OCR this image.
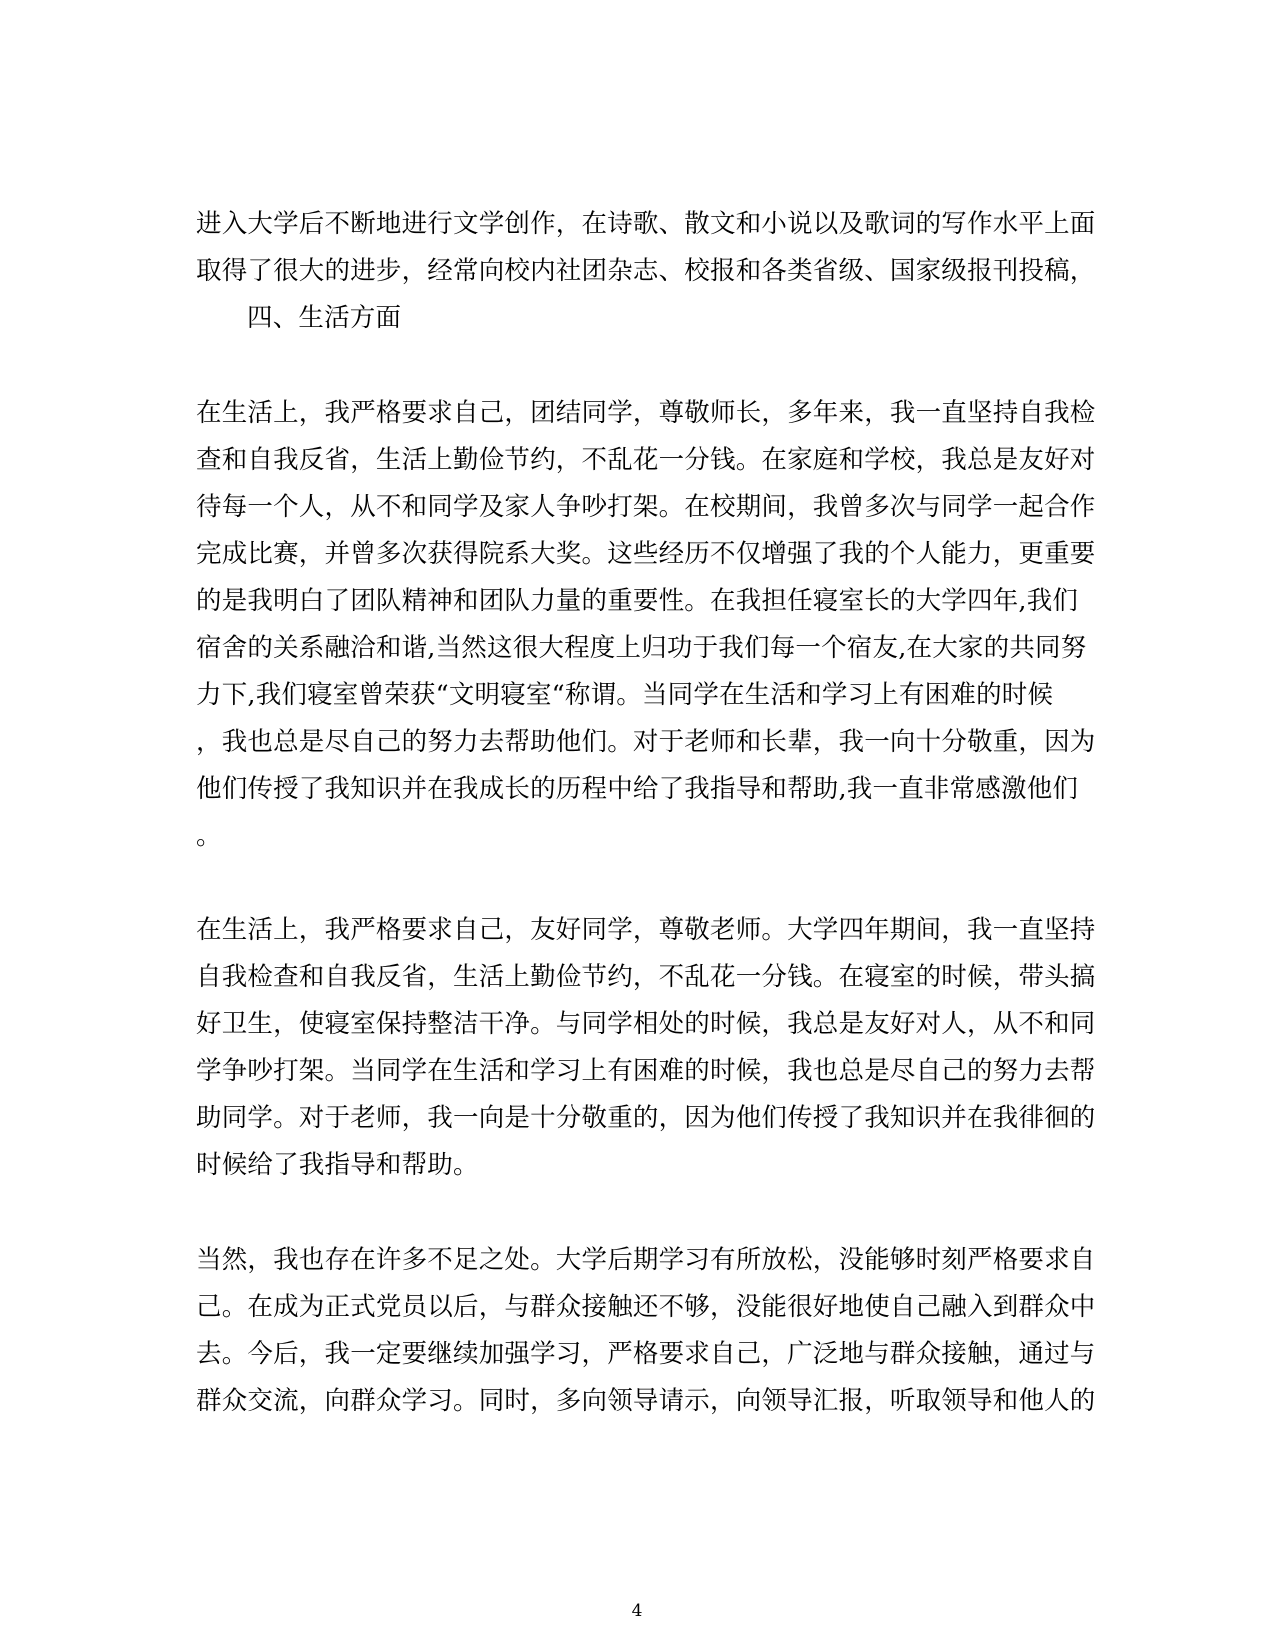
进入大学后不断地进行文学创作，在诗歌、散文和小说以及歌词的写作水平上面
取得了很大的进步，经常向校内社团杂志、校报和各类省级、国家级报刊投稿，
四、生活方面
在生活上，我严格要求自己，团结同学，尊敬师长，多年来，我一直坚持自我检
查和自我反省，生活上勤俭节约，不乱花一分钱。在家庭和学校，我总是友好对
待每一个人，从不和同学及家人争吵打架。在校期间，我曾多次与同学一起合作
完成比赛，并曾多次获得院系大奖。这些经历不仅增强了我的个人能力，更重要
的是我明白了团队精神和团队力量的重要性。在我担任寝室长的大学四年,我们
宿舍的关系融洽和谐,当然这很大程度上归功于我们每一个宿友,在大家的共同努
力下,我们寝室曾荣获“文明寝室“称谓。当同学在生活和学习上有困难的时候
，我也总是尽自己的努力去帮助他们。对于老师和长辈，我一向十分敬重，因为
他们传授了我知识并在我成长的历程中给了我指导和帮助,我一直非常感激他们
。
在生活上，我严格要求自己，友好同学，尊敬老师。大学四年期间，我一直坚持
自我检查和自我反省，生活上勤俭节约，不乱花一分钱。在寝室的时候，带头搞
好卫生，使寝室保持整洁干净。与同学相处的时候，我总是友好对人，从不和同
学争吵打架。当同学在生活和学习上有困难的时候，我也总是尽自己的努力去帮
助同学。对于老师，我一向是十分敬重的，因为他们传授了我知识并在我徘徊的
时候给了我指导和帮助。
当然，我也存在许多不足之处。大学后期学习有所放松，没能够时刻严格要求自
己。在成为正式党员以后，与群众接触还不够，没能很好地使自己融入到群众中
去。今后，我一定要继续加强学习，严格要求自己，广泛地与群众接触，通过与
群众交流，向群众学习。同时，多向领导请示，向领导汇报，听取领导和他人的
4
